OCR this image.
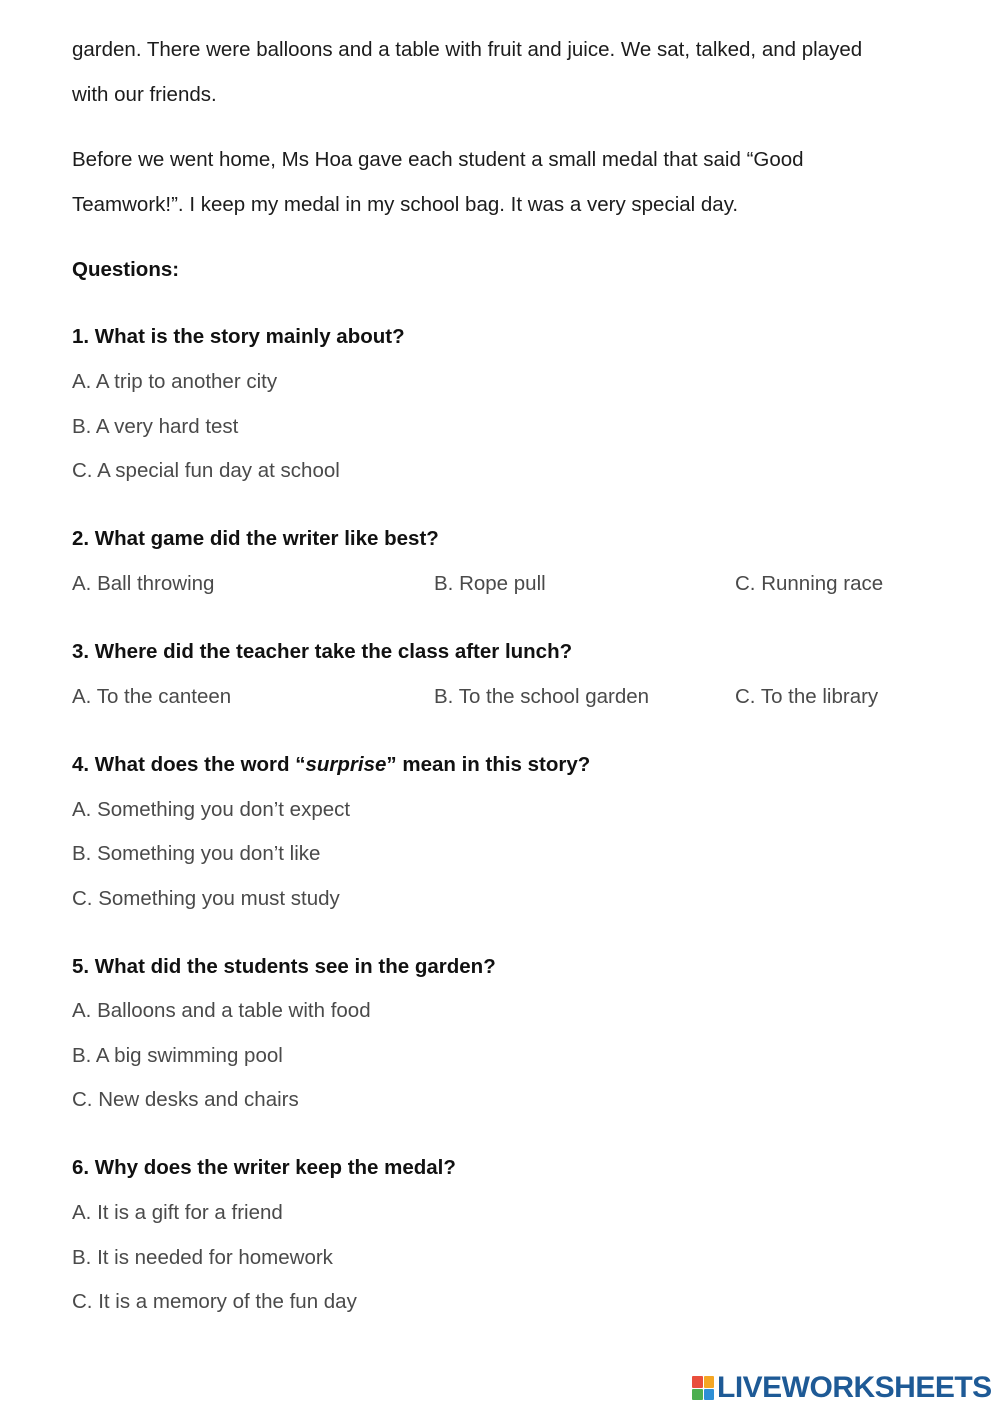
garden. There were balloons and a table with fruit and juice. We sat, talked, and played
with our friends.
Before we went home, Ms Hoa gave each student a small medal that said “Good
Teamwork!”. I keep my medal in my school bag. It was a very special day.
Questions:
1. What is the story mainly about?
A. A trip to another city
B. A very hard test
C. A special fun day at school
2. What game did the writer like best?
A. Ball throwing	B. Rope pull	C. Running race
3. Where did the teacher take the class after lunch?
A. To the canteen	B. To the school garden	C. To the library
4. What does the word “surprise” mean in this story?
A. Something you don’t expect
B. Something you don’t like
C. Something you must study
5. What did the students see in the garden?
A. Balloons and a table with food
B. A big swimming pool
C. New desks and chairs
6. Why does the writer keep the medal?
A. It is a gift for a friend
B. It is needed for homework
C. It is a memory of the fun day
LIVEWORKSHEETS
